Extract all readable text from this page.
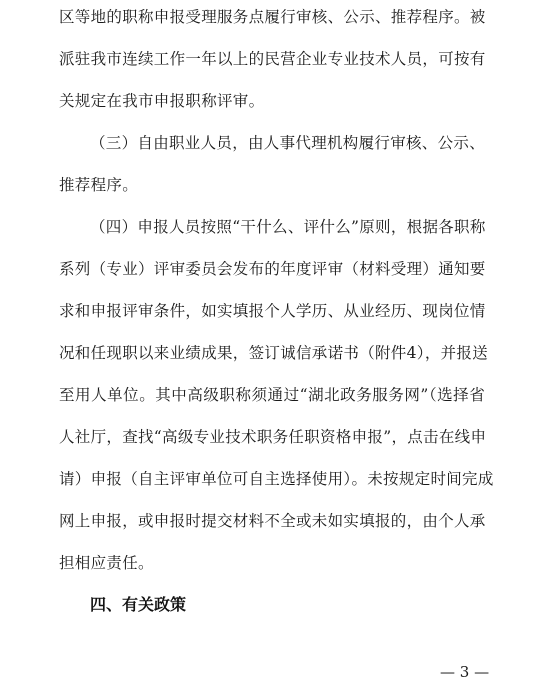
区等地的职称申报受理服务点履行审核、公示、推荐程序。被
派驻我市连续工作一年以上的民营企业专业技术人员，可按有
关规定在我市申报职称评审。
（三）自由职业人员，由人事代理机构履行审核、公示、
推荐程序。
（四）申报人员按照“干什么、评什么”原则，根据各职称
系列（专业）评审委员会发布的年度评审（材料受理）通知要
求和申报评审条件，如实填报个人学历、从业经历、现岗位情
况和任现职以来业绩成果，签订诚信承诺书（附件4），并报送
至用人单位。其中高级职称须通过“湖北政务服务网”（选择省
人社厅，查找“高级专业技术职务任职资格申报”，点击在线申
请）申报（自主评审单位可自主选择使用）。未按规定时间完成
网上申报，或申报时提交材料不全或未如实填报的，由个人承
担相应责任。
四、有关政策
— 3 —
